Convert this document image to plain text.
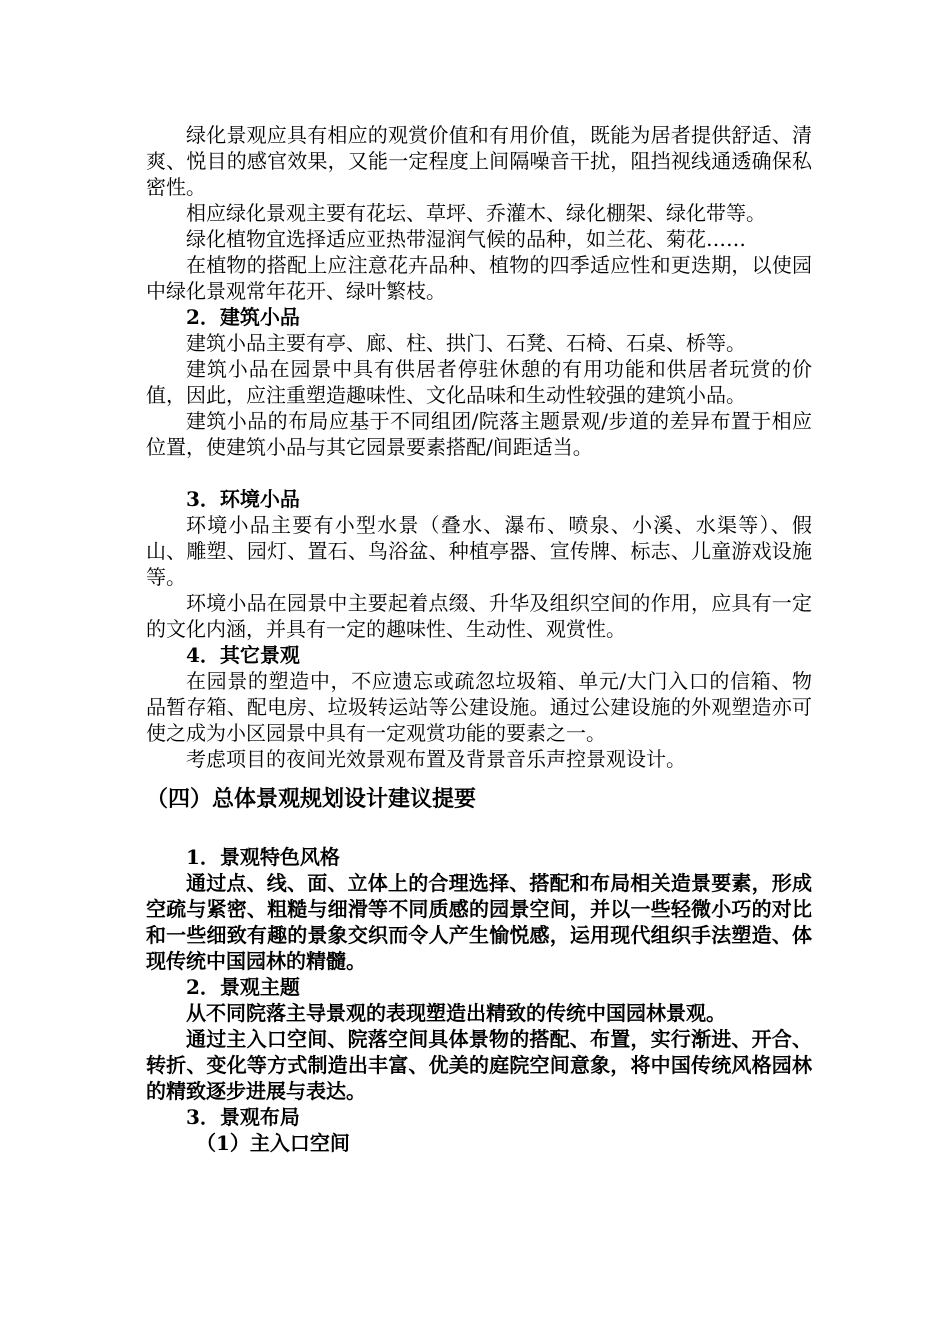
绿化景观应具有相应的观赏价值和有用价值，既能为居者提供舒适、清爽、悦目的感官效果，又能一定程度上间隔噪音干扰，阻挡视线通透确保私密性。

相应绿化景观主要有花坛、草坪、乔灌木、绿化棚架、绿化带等。

绿化植物宜选择适应亚热带湿润气候的品种，如兰花、菊花……

在植物的搭配上应注意花卉品种、植物的四季适应性和更迭期，以使园中绿化景观常年花开、绿叶繁枝。

2．建筑小品

建筑小品主要有亭、廊、柱、拱门、石凳、石椅、石桌、桥等。

建筑小品在园景中具有供居者停驻休憩的有用功能和供居者玩赏的价值，因此，应注重塑造趣味性、文化品味和生动性较强的建筑小品。

建筑小品的布局应基于不同组团/院落主题景观/步道的差异布置于相应位置，使建筑小品与其它园景要素搭配/间距适当。

3．环境小品

环境小品主要有小型水景（叠水、瀑布、喷泉、小溪、水渠等）、假山、雕塑、园灯、置石、鸟浴盆、种植亭器、宣传牌、标志、儿童游戏设施等。

环境小品在园景中主要起着点缀、升华及组织空间的作用，应具有一定的文化内涵，并具有一定的趣味性、生动性、观赏性。

4．其它景观

在园景的塑造中，不应遗忘或疏忽垃圾箱、单元/大门入口的信箱、物品暂存箱、配电房、垃圾转运站等公建设施。通过公建设施的外观塑造亦可使之成为小区园景中具有一定观赏功能的要素之一。

考虑项目的夜间光效景观布置及背景音乐声控景观设计。

（四）总体景观规划设计建议提要

1．景观特色风格

通过点、线、面、立体上的合理选择、搭配和布局相关造景要素，形成空疏与紧密、粗糙与细滑等不同质感的园景空间，并以一些轻微小巧的对比和一些细致有趣的景象交织而令人产生愉悦感，运用现代组织手法塑造、体现传统中国园林的精髓。

2．景观主题

从不同院落主导景观的表现塑造出精致的传统中国园林景观。

通过主入口空间、院落空间具体景物的搭配、布置，实行渐进、开合、转折、变化等方式制造出丰富、优美的庭院空间意象，将中国传统风格园林的精致逐步进展与表达。

3．景观布局

（1）主入口空间
